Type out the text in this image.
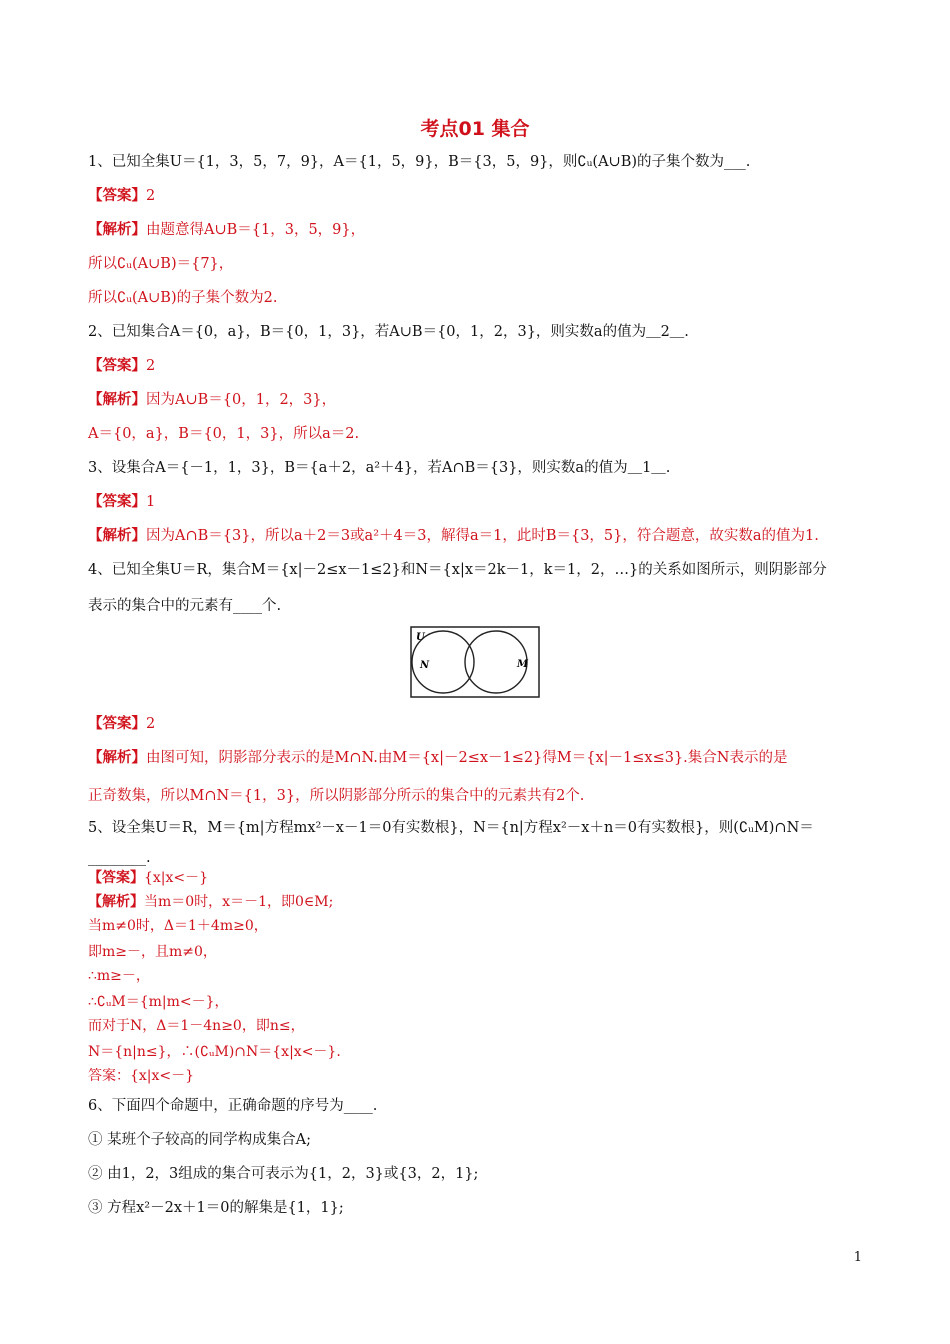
考点01 集合
1、已知全集U＝{1，3，5，7，9}，A＝{1，5，9}，B＝{3，5，9}，则∁ᵤ(A∪B)的子集个数为___.
【答案】2
【解析】由题意得A∪B＝{1，3，5，9}，
所以∁ᵤ(A∪B)＝{7}，
所以∁ᵤ(A∪B)的子集个数为2.
2、已知集合A＝{0，a}，B＝{0，1，3}，若A∪B＝{0，1，2，3}，则实数a的值为＿2＿.
【答案】2
【解析】因为A∪B＝{0，1，2，3}，
A＝{0，a}，B＝{0，1，3}，所以a＝2.
3、设集合A＝{－1，1，3}，B＝{a＋2，a²＋4}，若A∩B＝{3}，则实数a的值为＿1＿.
【答案】1
【解析】因为A∩B＝{3}，所以a＋2＝3或a²＋4＝3，解得a＝1，此时B＝{3，5}，符合题意，故实数a的值为1.
4、已知全集U＝R，集合M＝{x|－2≤x－1≤2}和N＝{x|x＝2k－1，k＝1，2，…}的关系如图所示，则阴影部分
表示的集合中的元素有____个.
【答案】2
【解析】由图可知，阴影部分表示的是M∩N.由M＝{x|－2≤x－1≤2}得M＝{x|－1≤x≤3}.集合N表示的是
正奇数集，所以M∩N＝{1，3}，所以阴影部分所示的集合中的元素共有2个.
5、设全集U＝R，M＝{m|方程mx²－x－1＝0有实数根}，N＝{n|方程x²－x＋n＝0有实数根}，则(∁ᵤM)∩N＝
________.
【答案】{x|x<－}
【解析】当m＝0时，x＝－1，即0∈M;
当m≠0时，Δ＝1＋4m≥0，
即m≥－，且m≠0，
∴m≥－，
∴∁ᵤM＝{m|m<－}，
而对于N，Δ＝1－4n≥0，即n≤，
N＝{n|n≤}，∴(∁ᵤM)∩N＝{x|x<－}.
答案：{x|x<－}
6、下面四个命题中，正确命题的序号为____.
① 某班个子较高的同学构成集合A;
② 由1，2，3组成的集合可表示为{1，2，3}或{3，2，1};
③ 方程x²－2x＋1＝0的解集是{1，1};
U
N	M
1
